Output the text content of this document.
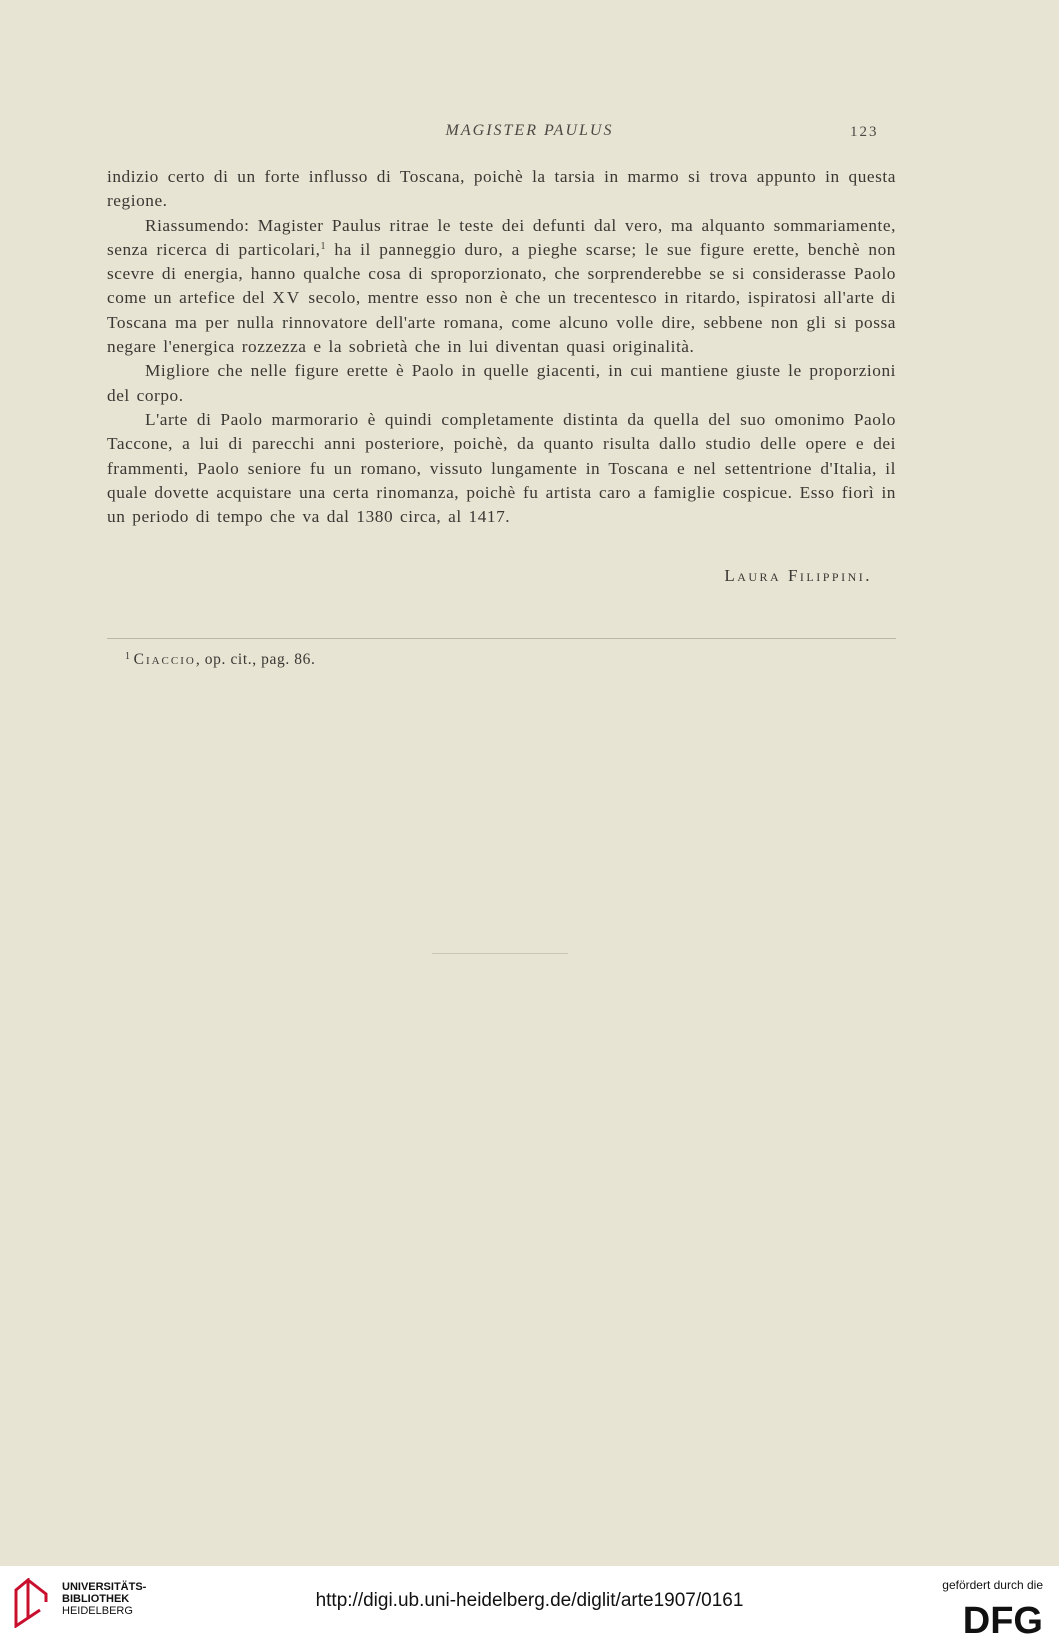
MAGISTER PAULUS	123

indizio certo di un forte influsso di Toscana, poichè la tarsia in marmo si trova appunto in questa regione.

Riassumendo: Magister Paulus ritrae le teste dei defunti dal vero, ma alquanto sommariamente, senza ricerca di particolari,$^1$ ha il panneggio duro, a pieghe scarse; le sue figure erette, benchè non scevre di energia, hanno qualche cosa di sproporzionato, che sorprenderebbe se si considerasse Paolo come un artefice del XV secolo, mentre esso non è che un trecentesco in ritardo, ispiratosi all'arte di Toscana ma per nulla rinnovatore dell'arte romana, come alcuno volle dire, sebbene non gli si possa negare l'energica rozzezza e la sobrietà che in lui diventan quasi originalità.

Migliore che nelle figure erette è Paolo in quelle giacenti, in cui mantiene giuste le proporzioni del corpo.

L'arte di Paolo marmorario è quindi completamente distinta da quella del suo omonimo Paolo Taccone, a lui di parecchi anni posteriore, poichè, da quanto risulta dallo studio delle opere e dei frammenti, Paolo seniore fu un romano, vissuto lungamente in Toscana e nel settentrione d'Italia, il quale dovette acquistare una certa rinomanza, poichè fu artista caro a famiglie cospicue. Esso fiorì in un periodo di tempo che va dal 1380 circa, al 1417.

Laura Filippini.
$^1$ Ciaccio, op. cit., pag. 86.
UNIVERSITÄTS-
BIBLIOTHEK
HEIDELBERG	http://digi.ub.uni-heidelberg.de/diglit/arte1907/0161
gefördert durch die
DFG
